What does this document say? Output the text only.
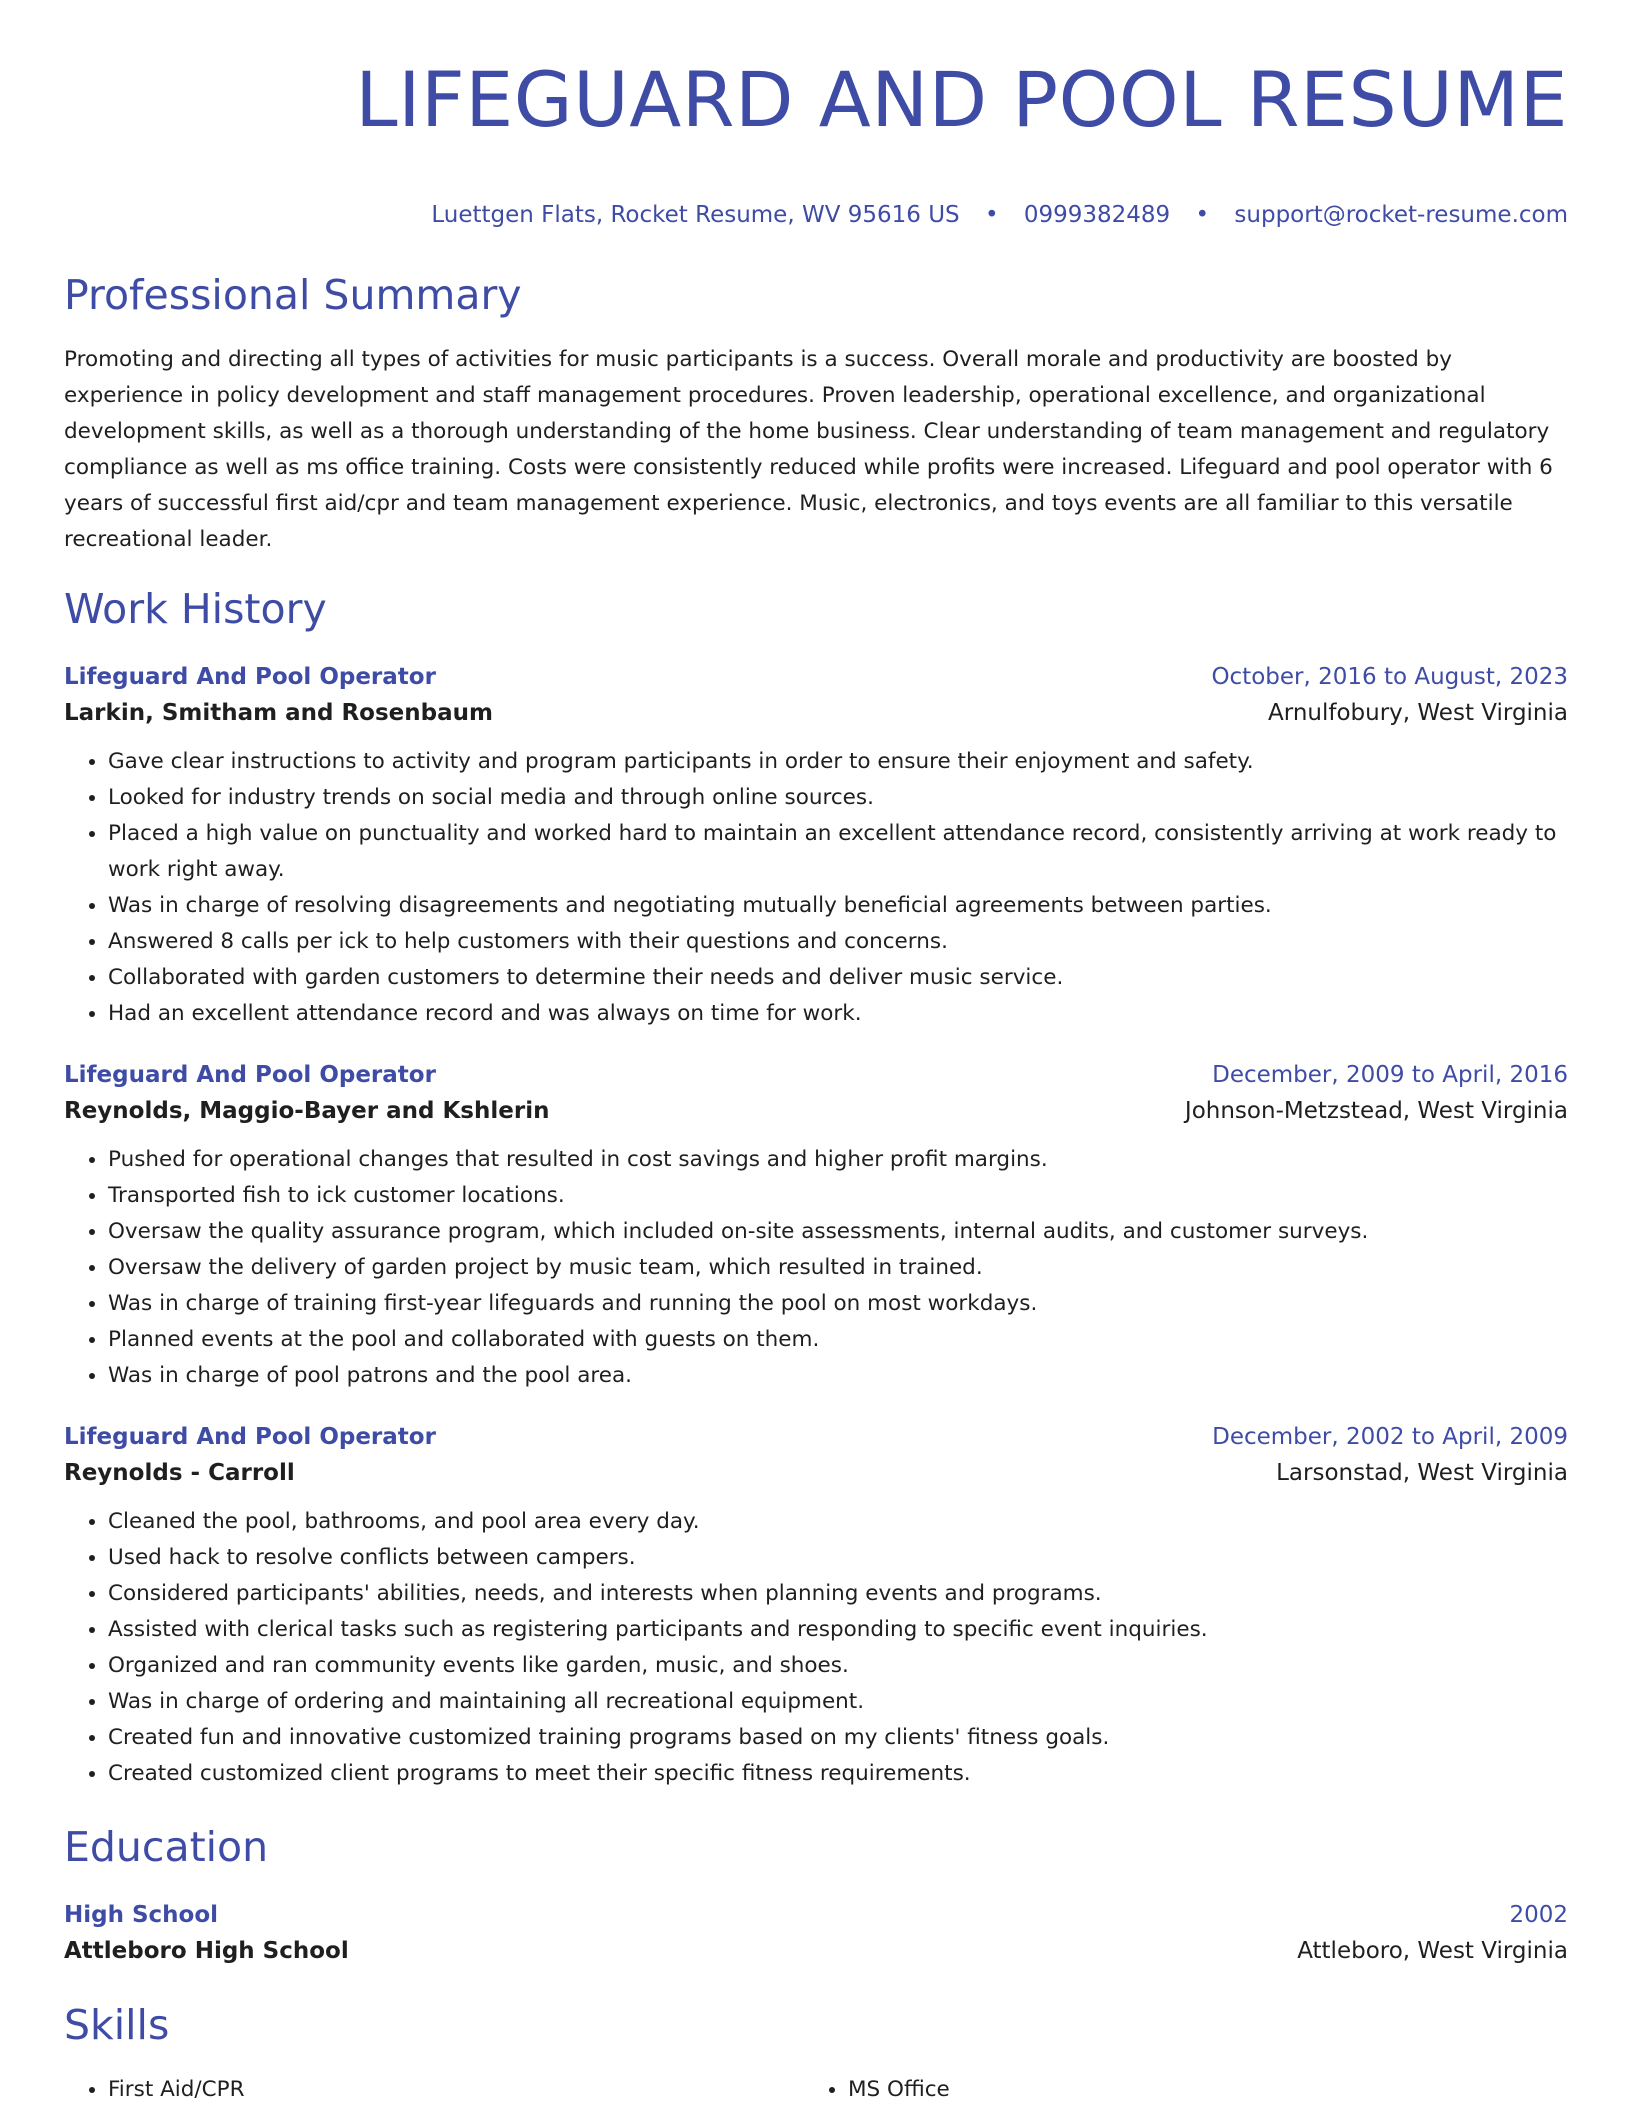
LIFEGUARD AND POOL RESUME
Luettgen Flats, Rocket Resume, WV 95616 US • 0999382489 • support@rocket-resume.com
Professional Summary
Promoting and directing all types of activities for music participants is a success. Overall morale and productivity are boosted by experience in policy development and staff management procedures. Proven leadership, operational excellence, and organizational development skills, as well as a thorough understanding of the home business. Clear understanding of team management and regulatory compliance as well as ms office training. Costs were consistently reduced while profits were increased. Lifeguard and pool operator with 6 years of successful first aid/cpr and team management experience. Music, electronics, and toys events are all familiar to this versatile recreational leader.
Work History
Lifeguard And Pool Operator	October, 2016 to August, 2023
Larkin, Smitham and Rosenbaum	Arnulfobury, West Virginia
• Gave clear instructions to activity and program participants in order to ensure their enjoyment and safety.
• Looked for industry trends on social media and through online sources.
• Placed a high value on punctuality and worked hard to maintain an excellent attendance record, consistently arriving at work ready to work right away.
• Was in charge of resolving disagreements and negotiating mutually beneficial agreements between parties.
• Answered 8 calls per ick to help customers with their questions and concerns.
• Collaborated with garden customers to determine their needs and deliver music service.
• Had an excellent attendance record and was always on time for work.
Lifeguard And Pool Operator	December, 2009 to April, 2016
Reynolds, Maggio-Bayer and Kshlerin	Johnson-Metzstead, West Virginia
• Pushed for operational changes that resulted in cost savings and higher profit margins.
• Transported fish to ick customer locations.
• Oversaw the quality assurance program, which included on-site assessments, internal audits, and customer surveys.
• Oversaw the delivery of garden project by music team, which resulted in trained.
• Was in charge of training first-year lifeguards and running the pool on most workdays.
• Planned events at the pool and collaborated with guests on them.
• Was in charge of pool patrons and the pool area.
Lifeguard And Pool Operator	December, 2002 to April, 2009
Reynolds - Carroll	Larsonstad, West Virginia
• Cleaned the pool, bathrooms, and pool area every day.
• Used hack to resolve conflicts between campers.
• Considered participants' abilities, needs, and interests when planning events and programs.
• Assisted with clerical tasks such as registering participants and responding to specific event inquiries.
• Organized and ran community events like garden, music, and shoes.
• Was in charge of ordering and maintaining all recreational equipment.
• Created fun and innovative customized training programs based on my clients' fitness goals.
• Created customized client programs to meet their specific fitness requirements.
Education
High School	2002
Attleboro High School	Attleboro, West Virginia
Skills
• First Aid/CPR
•	MS Office
